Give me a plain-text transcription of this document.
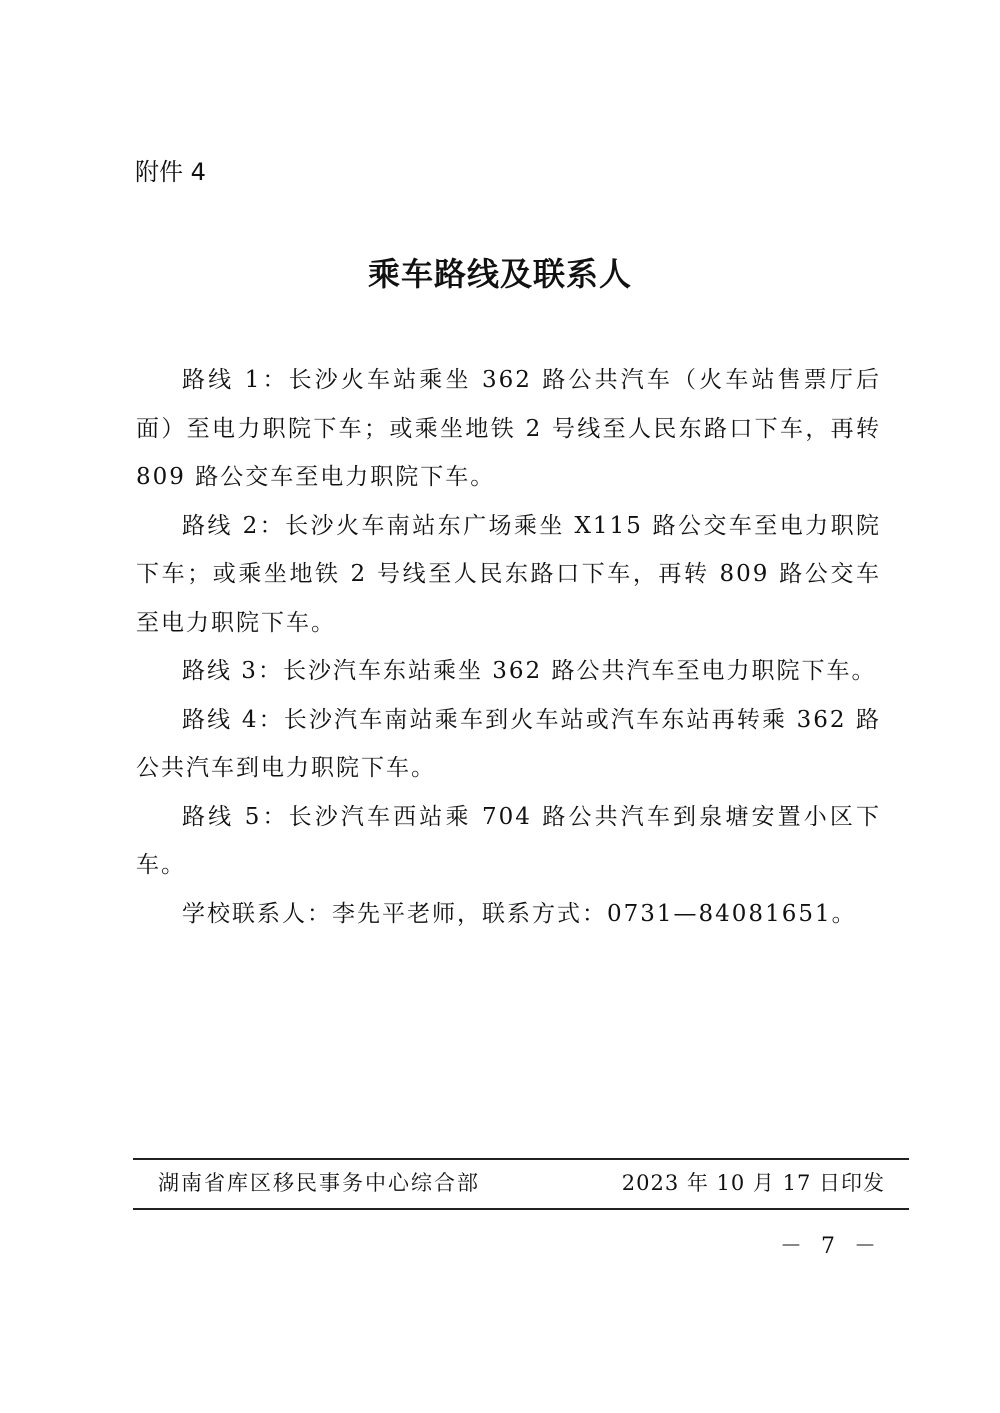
附件 4
乘车路线及联系人

路线 1：长沙火车站乘坐 362 路公共汽车（火车站售票厅后面）至电力职院下车；或乘坐地铁 2 号线至人民东路口下车，再转 809 路公交车至电力职院下车。

路线 2：长沙火车南站东广场乘坐 X115 路公交车至电力职院下车；或乘坐地铁 2 号线至人民东路口下车，再转 809 路公交车至电力职院下车。

路线 3：长沙汽车东站乘坐 362 路公共汽车至电力职院下车。

路线 4：长沙汽车南站乘车到火车站或汽车东站再转乘 362 路公共汽车到电力职院下车。

路线 5：长沙汽车西站乘 704 路公共汽车到泉塘安置小区下车。

学校联系人：李先平老师，联系方式：0731—84081651。

湖南省库区移民事务中心综合部	2023 年 10 月 17 日印发
－ 7 －
